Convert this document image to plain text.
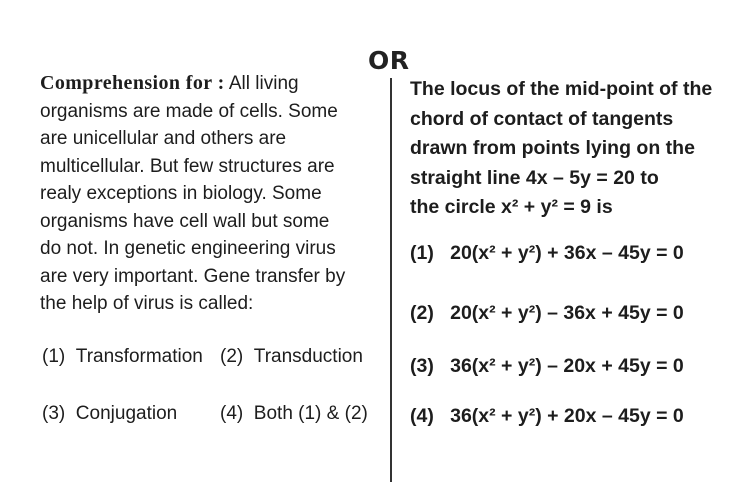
OR
Comprehension for : All living
organisms are made of cells. Some
are unicellular and others are
multicellular. But few structures are
realy exceptions in biology. Some
organisms have cell wall but some
do not. In genetic engineering virus
are very important. Gene transfer by
the help of virus is called:
(1) Transformation (2) Transduction
(3) Conjugation (4) Both (1) & (2)
The locus of the mid-point of the
chord of contact of tangents
drawn from points lying on the
straight line 4x – 5y = 20 to
the circle x² + y² = 9 is
(1) 20(x² + y²) + 36x – 45y = 0
(2) 20(x² + y²) – 36x + 45y = 0
(3) 36(x² + y²) – 20x + 45y = 0
(4) 36(x² + y²) + 20x – 45y = 0
